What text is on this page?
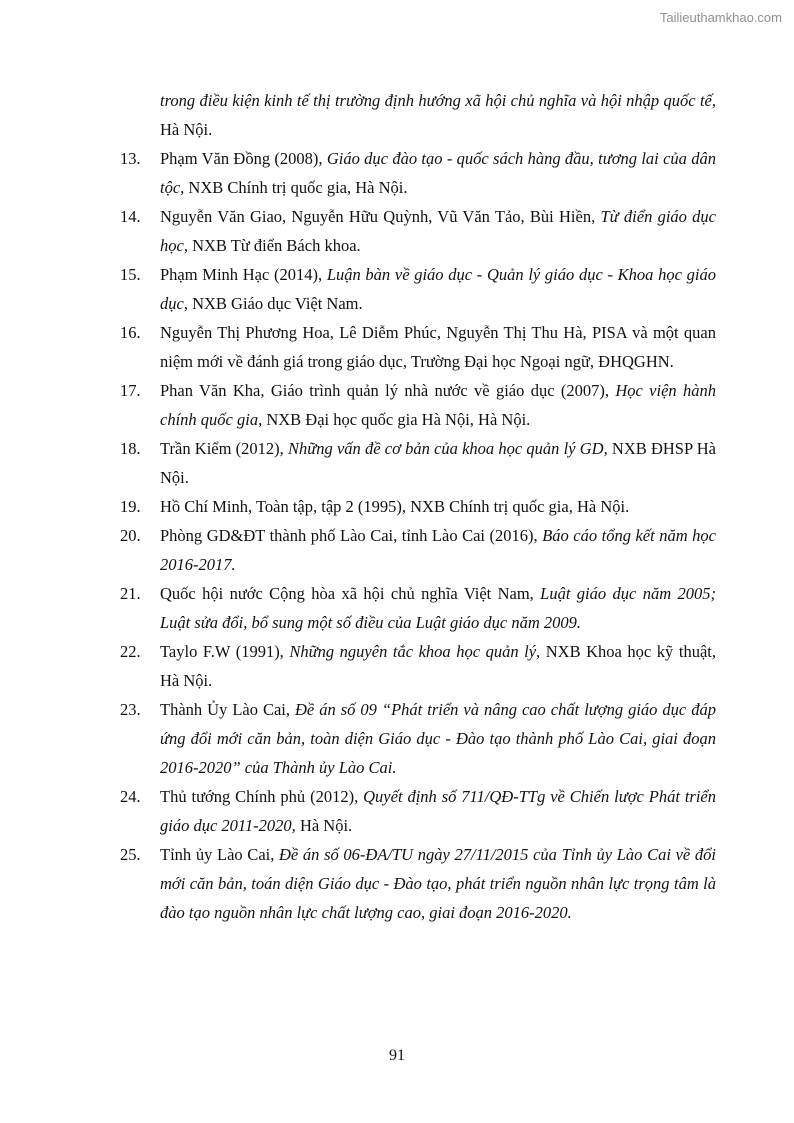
Tailieuthamkhao.com

trong điều kiện kinh tế thị trường định hướng xã hội chủ nghĩa và hội nhập quốc tế, Hà Nội.

13.	Phạm Văn Đồng (2008), Giáo dục đào tạo - quốc sách hàng đầu, tương lai của dân tộc, NXB Chính trị quốc gia, Hà Nội.
14.	Nguyễn Văn Giao, Nguyễn Hữu Quỳnh, Vũ Văn Tảo, Bùi Hiền, Từ điển giáo dục học, NXB Từ điển Bách khoa.
15.	Phạm Minh Hạc (2014), Luận bàn về giáo dục - Quản lý giáo dục - Khoa học giáo dục, NXB Giáo dục Việt Nam.
16.	Nguyễn Thị Phương Hoa, Lê Diễm Phúc, Nguyễn Thị Thu Hà, PISA và một quan niệm mới về đánh giá trong giáo dục, Trường Đại học Ngoại ngữ, ĐHQGHN.
17.	Phan Văn Kha, Giáo trình quản lý nhà nước về giáo dục (2007), Học viện hành chính quốc gia, NXB Đại học quốc gia Hà Nội, Hà Nội.
18.	Trần Kiểm (2012), Những vấn đề cơ bản của khoa học quản lý GD, NXB ĐHSP Hà Nội.
19.	Hồ Chí Minh, Toàn tập, tập 2 (1995), NXB Chính trị quốc gia, Hà Nội.
20.	Phòng GD&ĐT thành phố Lào Cai, tỉnh Lào Cai (2016), Báo cáo tổng kết năm học 2016-2017.
21.	Quốc hội nước Cộng hòa xã hội chủ nghĩa Việt Nam, Luật giáo dục năm 2005; Luật sửa đổi, bổ sung một số điều của Luật giáo dục năm 2009.
22.	Taylo F.W (1991), Những nguyên tắc khoa học quản lý, NXB Khoa học kỹ thuật, Hà Nội.
23.	Thành Ủy Lào Cai, Đề án số 09 “Phát triển và nâng cao chất lượng giáo dục đáp ứng đổi mới căn bản, toàn diện Giáo dục - Đào tạo thành phố Lào Cai, giai đoạn 2016-2020” của Thành ủy Lào Cai.
24.	Thủ tướng Chính phủ (2012), Quyết định số 711/QĐ-TTg về Chiến lược Phát triển giáo dục 2011-2020, Hà Nội.
25.	Tỉnh ủy Lào Cai, Đề án số 06-ĐA/TU ngày 27/11/2015 của Tỉnh ủy Lào Cai về đổi mới căn bản, toán diện Giáo dục - Đào tạo, phát triển nguồn nhân lực trọng tâm là đào tạo nguồn nhân lực chất lượng cao, giai đoạn 2016-2020.
91
